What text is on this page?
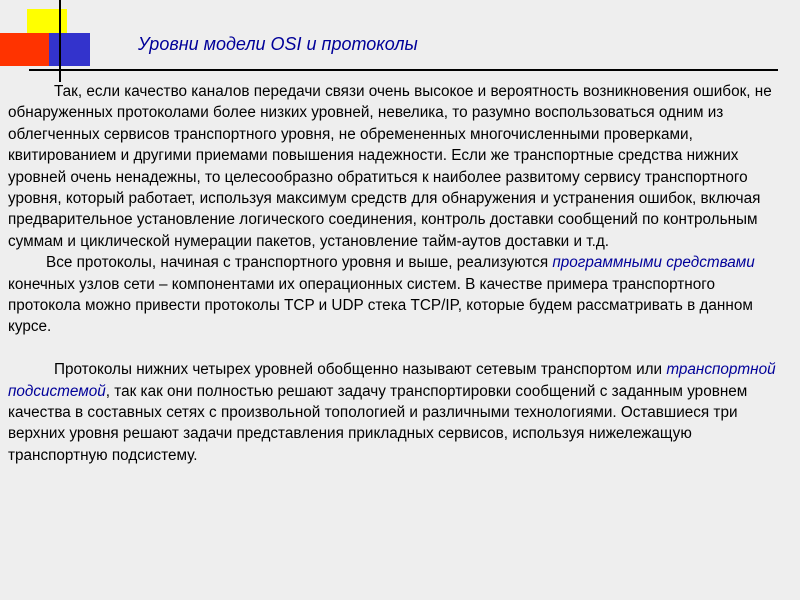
Уровни модели OSI и протоколы

Так, если качество каналов передачи связи очень высокое и вероятность возникновения ошибок, не обнаруженных протоколами более низких уровней, невелика, то разумно воспользоваться одним из облегченных сервисов транспортного уровня, не обремененных многочисленными проверками, квитированием и другими приемами повышения надежности. Если же транспортные средства нижних уровней очень ненадежны, то целесообразно обратиться к наиболее развитому сервису транспортного уровня, который работает, используя максимум средств для обнаружения и устранения ошибок, включая предварительное установление логического соединения, контроль доставки сообщений по контрольным суммам и циклической нумерации пакетов, установление тайм-аутов доставки и т.д.

Все протоколы, начиная с транспортного уровня и выше, реализуются программными средствами конечных узлов сети – компонентами их операционных систем. В качестве примера транспортного протокола можно привести протоколы TCP и UDP стека TCP/IP, которые будем рассматривать в данном курсе.

Протоколы нижних четырех уровней обобщенно называют сетевым транспортом или транспортной подсистемой, так как они полностью решают задачу транспортировки сообщений с заданным уровнем качества в составных сетях с произвольной топологией и различными технологиями. Оставшиеся три верхних уровня решают задачи представления прикладных сервисов, используя нижележащую транспортную подсистему.
